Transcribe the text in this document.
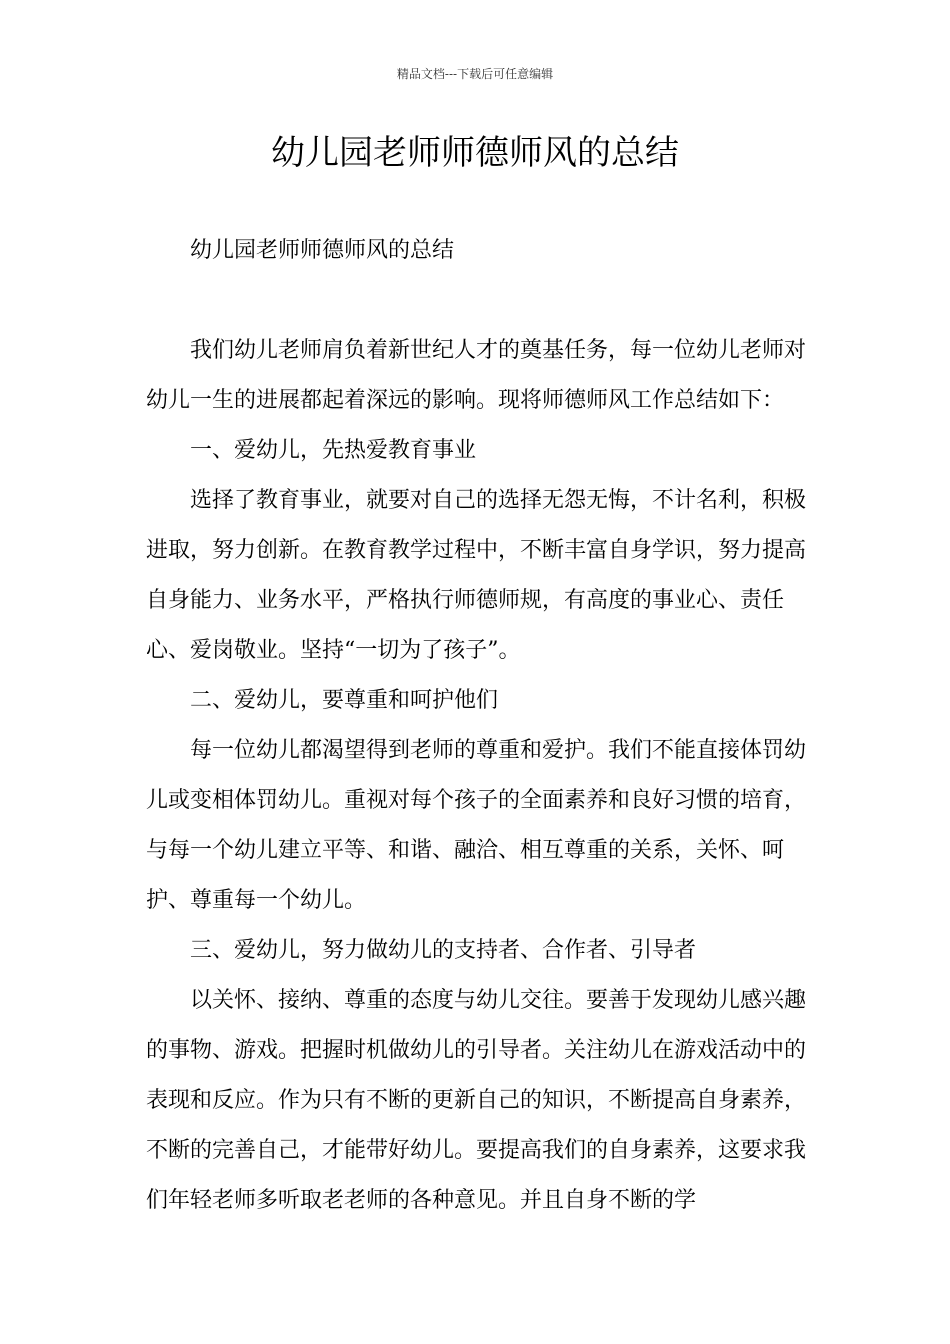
精品文档---下载后可任意编辑
幼儿园老师师德师风的总结
幼儿园老师师德师风的总结

我们幼儿老师肩负着新世纪人才的奠基任务，每一位幼儿老师对幼儿一生的进展都起着深远的影响。现将师德师风工作总结如下：

一、爱幼儿，先热爱教育事业

选择了教育事业，就要对自己的选择无怨无悔，不计名利，积极进取，努力创新。在教育教学过程中，不断丰富自身学识，努力提高自身能力、业务水平，严格执行师德师规，有高度的事业心、责任心、爱岗敬业。坚持“一切为了孩子”。

二、爱幼儿，要尊重和呵护他们

每一位幼儿都渴望得到老师的尊重和爱护。我们不能直接体罚幼儿或变相体罚幼儿。重视对每个孩子的全面素养和良好习惯的培育，与每一个幼儿建立平等、和谐、融洽、相互尊重的关系，关怀、呵护、尊重每一个幼儿。

三、爱幼儿，努力做幼儿的支持者、合作者、引导者

以关怀、接纳、尊重的态度与幼儿交往。要善于发现幼儿感兴趣的事物、游戏。把握时机做幼儿的引导者。关注幼儿在游戏活动中的表现和反应。作为只有不断的更新自己的知识，不断提高自身素养，不断的完善自己，才能带好幼儿。要提高我们的自身素养，这要求我们年轻老师多听取老老师的各种意见。并且自身不断的学
